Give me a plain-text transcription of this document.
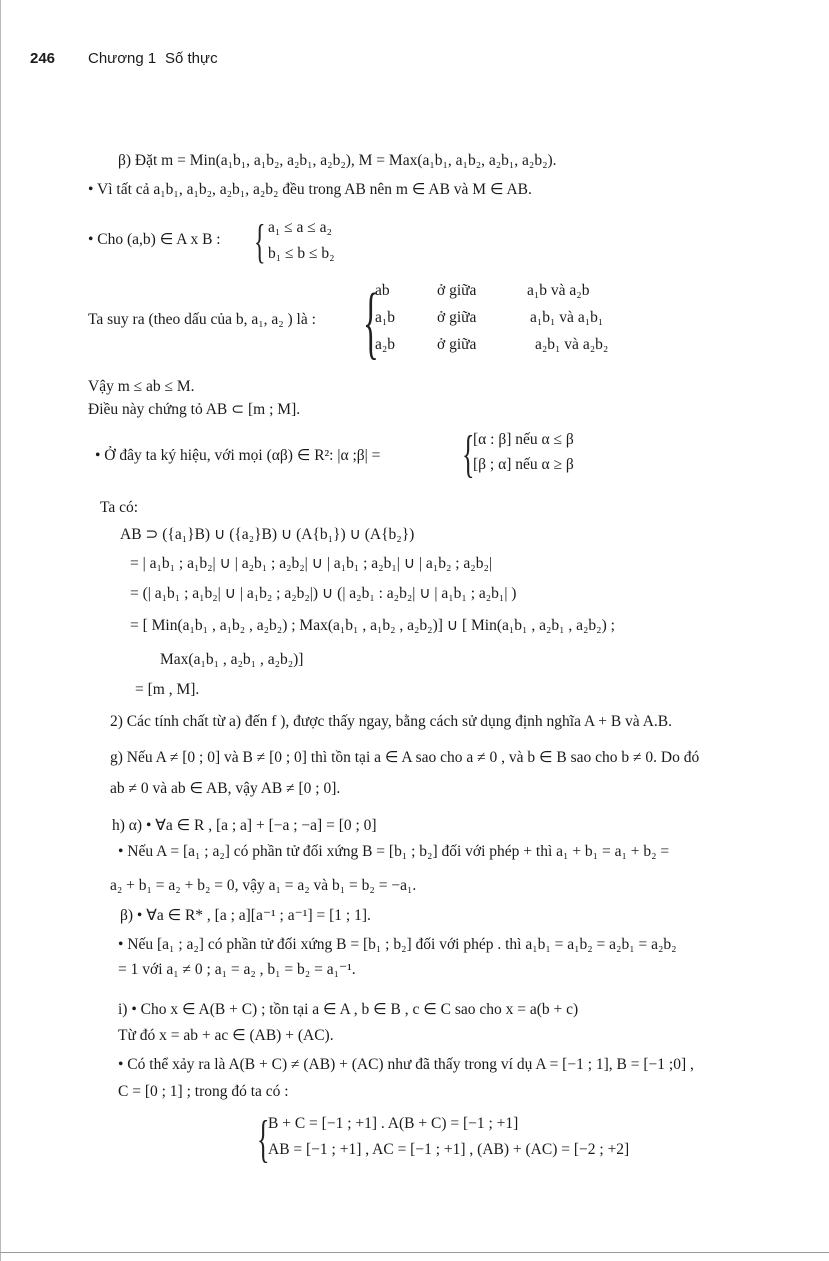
246 Chương 1 Số thực
β) Đặt m = Min(a₁b₁, a₁b₂, a₂b₁, a₂b₂), M = Max(a₁b₁, a₁b₂, a₂b₁, a₂b₂).
• Vì tất cả a₁b₁, a₁b₂, a₂b₁, a₂b₂ đều trong AB nên m ∈ AB và M ∈ AB.
• Cho (a,b) ∈ A x B : { a₁ ≤ a ≤ a₂
b₁ ≤ b ≤ b₂
Ta suy ra (theo dấu của b, a₁, a₂ ) là : {
ab	ở giữa	a₁b và a₂b
a₁b	ở giữa	a₁b₁ và a₁b₁
a₂b	ở giữa	a₂b₁ và a₂b₂
Vậy m ≤ ab ≤ M.
Điều này chứng tỏ AB ⊂ [m ; M].
• Ở đây ta ký hiệu, với mọi (αβ) ∈ R²: |α ;β| = {
[α : β] nếu α ≤ β
[β ; α] nếu α ≥ β
Ta có:
AB ⊃ ({a₁}B) ∪ ({a₂}B) ∪ (A{b₁}) ∪ (A{b₂})
= | a₁b₁ ; a₁b₂| ∪ | a₂b₁ ; a₂b₂| ∪ | a₁b₁ ; a₂b₁| ∪ | a₁b₂ ; a₂b₂|
= (| a₁b₁ ; a₁b₂| ∪ | a₁b₂ ; a₂b₂|) ∪ (| a₂b₁ : a₂b₂| ∪ | a₁b₁ ; a₂b₁| )
= [ Min(a₁b₁ , a₁b₂ , a₂b₂) ; Max(a₁b₁ , a₁b₂ , a₂b₂)] ∪ [ Min(a₁b₁ , a₂b₁ , a₂b₂) ;
Max(a₁b₁ , a₂b₁ , a₂b₂)]
= [m , M].
2) Các tính chất từ a) đến f ), được thấy ngay, bằng cách sử dụng định nghĩa A + B và A.B.
g) Nếu A ≠ [0 ; 0] và B ≠ [0 ; 0] thì tồn tại a ∈ A sao cho a ≠ 0 , và b ∈ B sao cho b ≠ 0. Do đó
ab ≠ 0 và ab ∈ AB, vậy AB ≠ [0 ; 0].
h) α) • ∀a ∈ R , [a ; a] + [−a ; −a] = [0 ; 0]
• Nếu A = [a₁ ; a₂] có phần tử đối xứng B = [b₁ ; b₂] đối với phép + thì a₁ + b₁ = a₁ + b₂ =
a₂ + b₁ = a₂ + b₂ = 0, vậy a₁ = a₂ và b₁ = b₂ = −a₁.
β) • ∀a ∈ R* , [a ; a][a⁻¹ ; a⁻¹] = [1 ; 1].
• Nếu [a₁ ; a₂] có phần tử đối xứng B = [b₁ ; b₂] đối với phép . thì a₁b₁ = a₁b₂ = a₂b₁ = a₂b₂
= 1 với a₁ ≠ 0 ; a₁ = a₂ , b₁ = b₂ = a₁⁻¹.
i) • Cho x ∈ A(B + C) ; tồn tại a ∈ A , b ∈ B , c ∈ C sao cho x = a(b + c)
Từ đó x = ab + ac ∈ (AB) + (AC).
• Có thể xảy ra là A(B + C) ≠ (AB) + (AC) như đã thấy trong ví dụ A = [−1 ; 1], B = [−1 ;0] ,
C = [0 ; 1] ; trong đó ta có :
{
B + C = [−1 ; +1] . A(B + C) = [−1 ; +1]
AB = [−1 ; +1] , AC = [−1 ; +1] , (AB) + (AC) = [−2 ; +2]
